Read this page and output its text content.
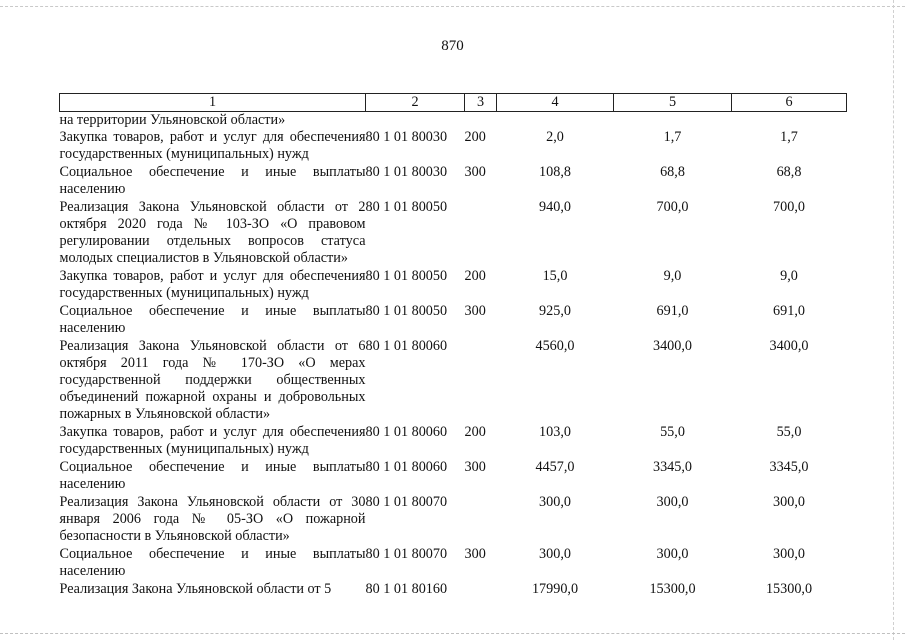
870
1	2	3	4	5	6
на территории Ульяновской области»					
Закупка товаров, работ и услуг для обеспечения государственных (муниципальных) нужд	80 1 01 80030	200	2,0	1,7	1,7
Социальное обеспечение и иные выплаты населению	80 1 01 80030	300	108,8	68,8	68,8
Реализация Закона Ульяновской области от 2 октября 2020 года № 103-ЗО «О правовом регулировании отдельных вопросов статуса молодых специалистов в Ульяновской области»	80 1 01 80050		940,0	700,0	700,0
Закупка товаров, работ и услуг для обеспечения государственных (муниципальных) нужд	80 1 01 80050	200	15,0	9,0	9,0
Социальное обеспечение и иные выплаты населению	80 1 01 80050	300	925,0	691,0	691,0
Реализация Закона Ульяновской области от 6 октября 2011 года № 170-ЗО «О мерах государственной поддержки общественных объединений пожарной охраны и добровольных пожарных в Ульяновской области»	80 1 01 80060		4560,0	3400,0	3400,0
Закупка товаров, работ и услуг для обеспечения государственных (муниципальных) нужд	80 1 01 80060	200	103,0	55,0	55,0
Социальное обеспечение и иные выплаты населению	80 1 01 80060	300	4457,0	3345,0	3345,0
Реализация Закона Ульяновской области от 30 января 2006 года № 05-ЗО «О пожарной безопасности в Ульяновской области»	80 1 01 80070		300,0	300,0	300,0
Социальное обеспечение и иные выплаты населению	80 1 01 80070	300	300,0	300,0	300,0
Реализация Закона Ульяновской области от 5	80 1 01 80160		17990,0	15300,0	15300,0
